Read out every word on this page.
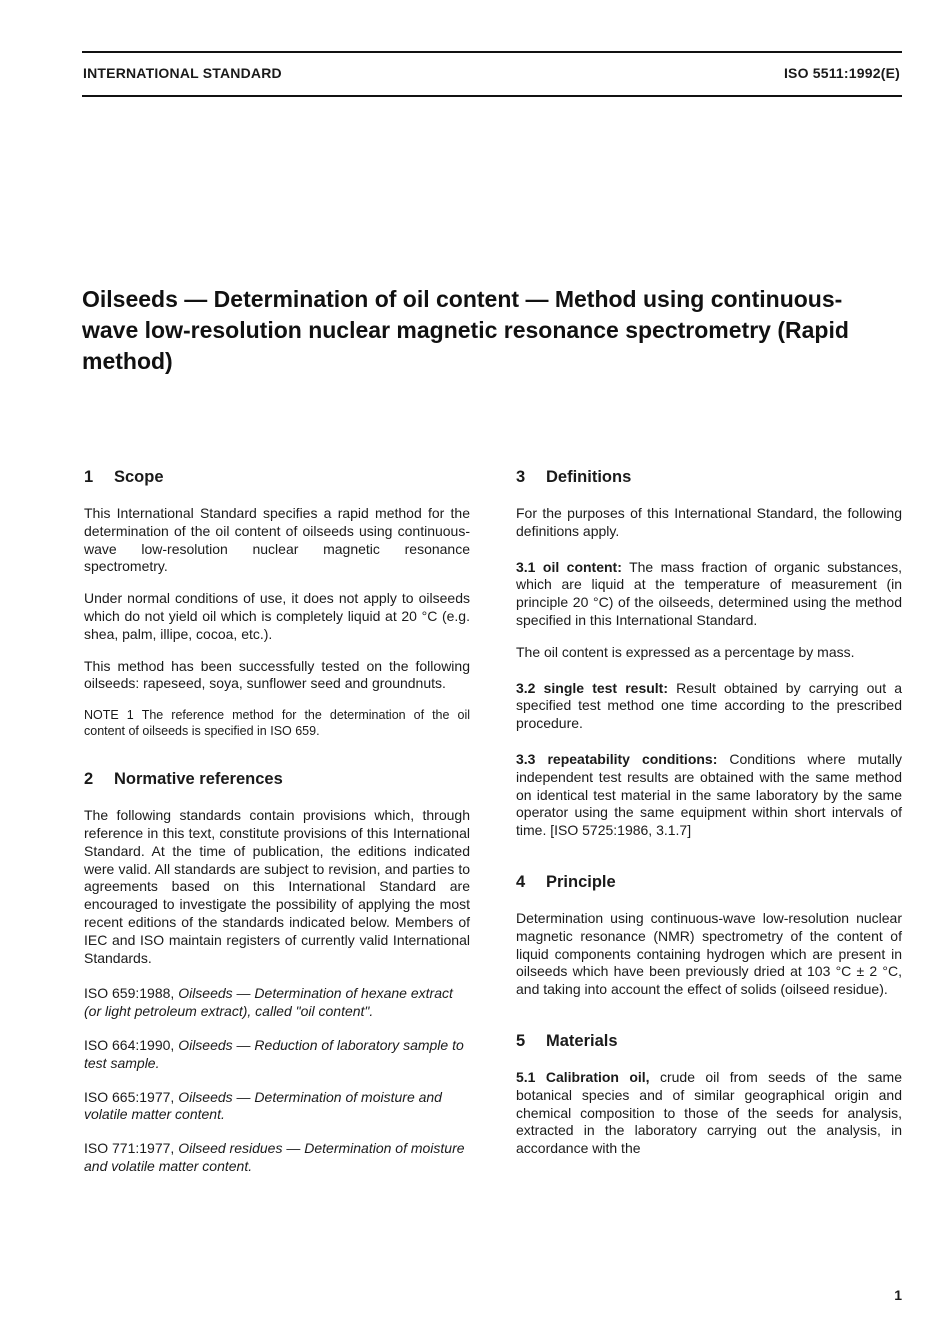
INTERNATIONAL STANDARD	ISO 5511:1992(E)
Oilseeds — Determination of oil content — Method using continuous-wave low-resolution nuclear magnetic resonance spectrometry (Rapid method)
1 Scope

This International Standard specifies a rapid method for the determination of the oil content of oilseeds using continuous-wave low-resolution nuclear magnetic resonance spectrometry.

Under normal conditions of use, it does not apply to oilseeds which do not yield oil which is completely liquid at 20 °C (e.g. shea, palm, illipe, cocoa, etc.).

This method has been successfully tested on the following oilseeds: rapeseed, soya, sunflower seed and groundnuts.

NOTE 1 The reference method for the determination of the oil content of oilseeds is specified in ISO 659.
2 Normative references

The following standards contain provisions which, through reference in this text, constitute provisions of this International Standard. At the time of publication, the editions indicated were valid. All standards are subject to revision, and parties to agreements based on this International Standard are encouraged to investigate the possibility of applying the most recent editions of the standards indicated below. Members of IEC and ISO maintain registers of currently valid International Standards.

ISO 659:1988, Oilseeds — Determination of hexane extract (or light petroleum extract), called "oil content".
ISO 664:1990, Oilseeds — Reduction of laboratory sample to test sample.
ISO 665:1977, Oilseeds — Determination of moisture and volatile matter content.
ISO 771:1977, Oilseed residues — Determination of moisture and volatile matter content.
3 Definitions

For the purposes of this International Standard, the following definitions apply.

3.1 oil content: The mass fraction of organic substances, which are liquid at the temperature of measurement (in principle 20 °C) of the oilseeds, determined using the method specified in this International Standard.

The oil content is expressed as a percentage by mass.

3.2 single test result: Result obtained by carrying out a specified test method one time according to the prescribed procedure.

3.3 repeatability conditions: Conditions where mutally independent test results are obtained with the same method on identical test material in the same laboratory by the same operator using the same equipment within short intervals of time. [ISO 5725:1986, 3.1.7]

4 Principle

Determination using continuous-wave low-resolution nuclear magnetic resonance (NMR) spectrometry of the content of liquid components containing hydrogen which are present in oilseeds which have been previously dried at 103 °C ± 2 °C, and taking into account the effect of solids (oilseed residue).

5 Materials

5.1 Calibration oil, crude oil from seeds of the same botanical species and of similar geographical origin and chemical composition to those of the seeds for analysis, extracted in the laboratory carrying out the analysis, in accordance with the

1
